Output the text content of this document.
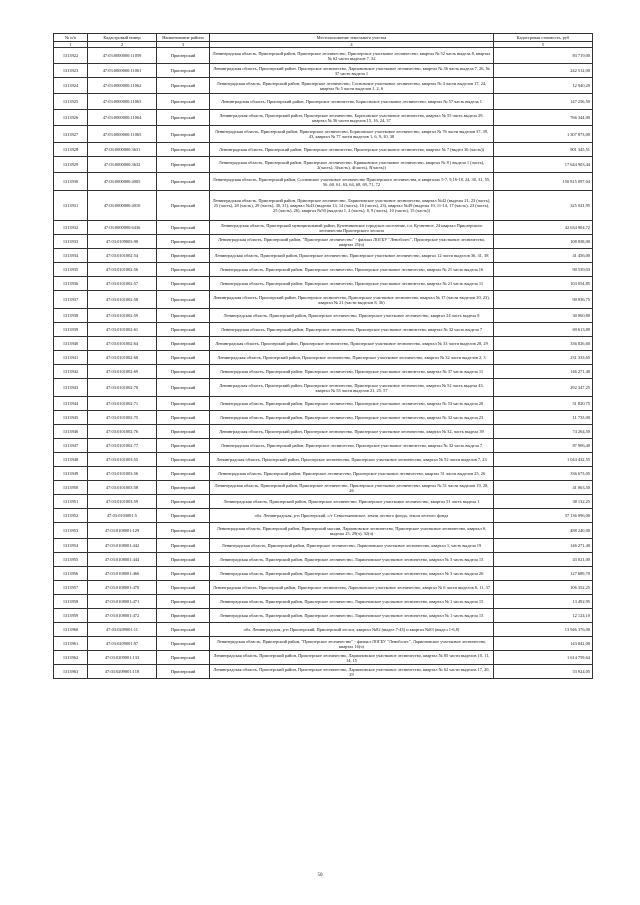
№ п/п	Кадастровый номер	Наименование района	Местоположение земельного участка	Кадастровая стоимость, руб
1	2	3	4	5
1313922	47:03:0000000:11059	Приозерский	Ленинградская область, Приозерский район, Приозерское лесничество, Приозерское участковое лесничество, квартал № 52 часть выдела 8, квартал № 62 части выделов 7, 32	83 719,00
1313923	47:03:0000000:11061	Приозерский	Ленинградская область, Приозерский район, Приозерское лесничество, Ларионовское участковое лесничество, квартал № 36 часть выдела 7, 26, № 37 часть выдела 1	242 512,00
1313924	47:03:0000000:11062	Приозерский	Ленинградская область, Приозерский район, Приозерское лесничество, Сосновское участковое лесничество, квартал № 4 части выделов 17, 24, квартал № 5 части выделов 1, 2, 6	12 940,20
1313925	47:03:0000000:11063	Приозерский	Ленинградская область, Приозерский район, Приозерское лесничество, Борисовское участковое лесничество, квартал № 57 часть выдела 1	147 256,50
1313926	47:03:0000000:11064	Приозерский	Ленинградская область, Приозерский район, Приозерское лесничество, Борисовское участковое лесничество, квартал № 55 часть выдела 29, квартал № 56 части выделов 15, 16, 24, 37	766 344,00
1313927	47:03:0000000:11065	Приозерский	Ленинградская область, Приозерский район, Приозерское лесничество, Борисовское участковое лесничество, квартал № 76 части выделов 37, 39, 43, квартал № 77 части выделов 1, 6, 9, 10, 38	1 307 873,00
1313928	47:03:0000000:3631	Приозерский	Ленинградская область, Приозерский район, Приозерское лесничество, Приозерское участковое лесничество, квартал № 7 (выдел 36 (часть))	901 345,51
1313929	47:03:0000000:3632	Приозерский	Ленинградская область, Приозерский район, Приозерское лесничество, Кривковское участковое лесничество, квартал № 8 ( выдела 1 (часть), 2(часть), 3(часть), 4(часть), 8(часть))	17 644 903,44
1313930	47:03:0000000:4005	Приозерский	Ленинградская область, Приозерский район, Сосновское участковое лесничество Приозерского лесничества, в кварталах 5-7, 9,16-18, 24, 30, 31, 55, 56 ,60, 61, 63, 64, 68, 69, 71, 72	150 815 097,04
1313931	47:03:0000000:4010	Приозерский	Ленинградская область, Приозерский район, Приозерское лесничество, Ларионовское участковое лесничество, квартал №42 (выделы 21, 23 (часть), 25 (часть), 28 (часть), 29 (часть), 30, 31), квартал №43 (выделы 13, 14 (часть), 16 (часть), 23), квартал №49 (выделы 10, 11-14, 17 (часть), 23 (часть), 25 (часть), 26), квартал №50 (выделы 1, 2 (часть), 8, 9 (часть), 10 (часть), 15 (часть))	325 021,95
1313932	47:03:0000000:6436	Приозерский	Ленинградская область, Приозерский муниципальный район, Кузнечнинское городское поселение, г.п. Кузнечное, 24 квартал Приозерского лесничества Приозерского лесхоза	42 634 904,72
1313933	47:03:0109003:90	Приозерский	Ленинградская область, Приозерский район, "Приозерское лесничество" - филиал ЛОГБУ "Ленобллес", Приозерское участковое лесничество, квартал 25(ч)	108 838,00
1313934	47:03:0101002:54	Приозерский	Ленинградская область, Приозерский район, Приозерское лесничество, Приозерское участковое лесничество, квартал 12 части выделов 36, 31, 38	41 456,00
1313935	47:03:0101002:56	Приозерский	Ленинградская область, Приозерский район, Приозерское лесничество, Приозерское участковое лесничество, квартал № 21 часть выдела 16	90 539,03
1313936	47:03:0101002:57	Приозерский	Ленинградская область, Приозерский район, Приозерское лесничество, Приозерское участковое лесничество, квартал № 21 часть выдела 11	103 054,85
1313937	47:03:0101002:58	Приозерский	Ленинградская область, Приозерский район, Приозерское лесничество, Приозерское участковое лесничество, квартал № 17 (части выделов 20, 23), квартал № 21 (части выделов 8, 36)	90 936,75
1313938	47:03:0101002:59	Приозерский	Ленинградская область, Приозерский район, Приозерское лесничество, Приозерское участковое лесничество, квартал 24 часть выдела 8	30 060,80
1313939	47:03:0101002:61	Приозерский	Ленинградская область, Приозерский район, Приозерское лесничество, Приозерское участковое лесничество, квартал № 32 часть выдела 7	69 613,80
1313940	47:03:0101002:64	Приозерский	Ленинградская область, Приозерский район, Приозерское лесничество, Приозерское участковое лесничество, квартал № 33 части выделов 28, 29	336 826,60
1313941	47:03:0101002:68	Приозерский	Ленинградская область, Приозерский район, Приозерское лесничество, Приозерское участковое лесничество, квартал № 32 части выделов 2, 3	231 333,65
1313942	47:03:0101002:69	Приозерский	Ленинградская область, Приозерский район, Приозерское лесничество, Приозерское участковое лесничество, квартал № 37 часть выдела 11	146 271,40
1313943	47:03:0101002:70	Приозерский	Ленинградская область, Приозерский район, Приозерское лесничество, Приозерское участковое лесничество, квартал № 52 часть выдела 43, квартал № 53 части выделов 21, 25, 57	292 347,25
1313944	47:03:0101002:71	Приозерский	Ленинградская область, Приозерский район, Приозерское лесничество, Приозерское участковое лесничество, квартал № 53 часть выдела 20	51 820,75
1313945	47:03:0101002:75	Приозерский	Ленинградская область, Приозерский район, Приозерское лесничество, Приозерское участковое лесничество, квартал № 32 часть выдела 23	11 733,00
1313946	47:03:0101002:76	Приозерский	Ленинградская область, Приозерский район, Приозерское лесничество, Приозерское участковое лесничество, квартал № 32, часть выдела 39	74 264,50
1313947	47:03:0101002:77	Приозерский	Ленинградская область, Приозерский район, Приозерское лесничество, Приозерское участковое лесничество, квартал № 32 часть выдела 7	87 906,40
1313948	47:03:0101003:55	Приозерский	Ленинградская область, Приозерский район, Приозерское лесничество, Приозерское участковое лесничество, квартал № 52 части выделов 7, 23	1 044 432,55
1313949	47:03:0101003:56	Приозерский	Ленинградская область, Приозерский район, Приозерское лесничество, Приозерское участковое лесничество, квартал 51 части выделов 25, 26	336 673,05
1313950	47:03:0101003:58	Приозерский	Ленинградская область, Приозерский район, Приозерское лесничество, Приозерское участковое лесничество, квартал № 51 части выделов 19, 20, 26	41 063,50
1313951	47:03:0101003:59	Приозерский	Ленинградская область, Приозерский район, Приозерское лесничество, Приозерское участковое лесничество, квартал 51 часть выдела 1	38 132,25
1313952	47:03:0103001:5	Приозерский	обл. Ленинградская, р-н Приозерский, с/т Севастьяновское, земли лесного фонда, земли лесного фонда	37 136 096,00
1313953	47:03:0108001:129	Приозерский	Ленинградская область, Приозерский район, Приозерский массив, Ларионовское лесничество, Приозерское участковое лесничество, квартал 6, выделы 25, 29(ч), 32(ч)	488 240,00
1313954	47:03:0108001:442	Приозерский	Ленинградская область, Приозерский район, Приозерское лесничество, Ларионовское участковое лесничество, квартал 1, часть выдела 19	146 271,40
1313955	47:03:0108001:444	Приозерский	Ленинградская область, Приозерский район, Приозерское лесничество, Ларионовское участковое лесничество, квартал № 3 часть выдела 15	43 021,00
1313956	47:03:0108001:466	Приозерский	Ленинградская область, Приозерский район, Приозерское лесничество, Ларионовское участковое лесничество, квартал № 3 часть выдела 26	127 689,70
1313957	47:03:0108001:470	Приозерский	Ленинградская область, Приозерский район, Приозерское лесничество, Ларионовское участковое лесничество, квартал № 6 части выделов 6, 11, 37	106 352,25
1313958	47:03:0108001:471	Приозерский	Ленинградская область, Приозерский район, Приозерское лесничество, Ларионовское участковое лесничество, квартал № 1 часть выдела 15	13 492,95
1313959	47:03:0108001:472	Приозерский	Ленинградская область, Приозерский район, Приозерское лесничество, Ларионовское участковое лесничество, квартал № 1 часть выдела 15	12 124,10
1313960	47:03:0209001:11	Приозерский	обл. Ленинградская, р-н Приозерский, Приозерский лесхоз, квартал №82 (выдел 7-43) и квартал №83 (выдел 1-6,8)	13 946 376,00
1313961	47:03:0209001:97	Приозерский	Ленинградская область, Приозерский район, "Приозерское лесничество" - филиал ЛОГБУ "Ленобллес", Ларионовское участковое лесничество, квартал 16(ч)	143 842,00
1313962	47:03:0209001:133	Приозерский	Ленинградская область, Приозерский район, Приозерское лесничество, Ларионовское участковое лесничество, квартал № 85 части выделов 10, 11, 14, 15	1 614 759,64
1313963	47:03:0209001:118	Приозерский	Ленинградская область, Приозерский район, Приозерское лесничество, Ларионовское участковое лесничество, квартал № 62 части выделов 17, 20, 29	53 924,05
50
